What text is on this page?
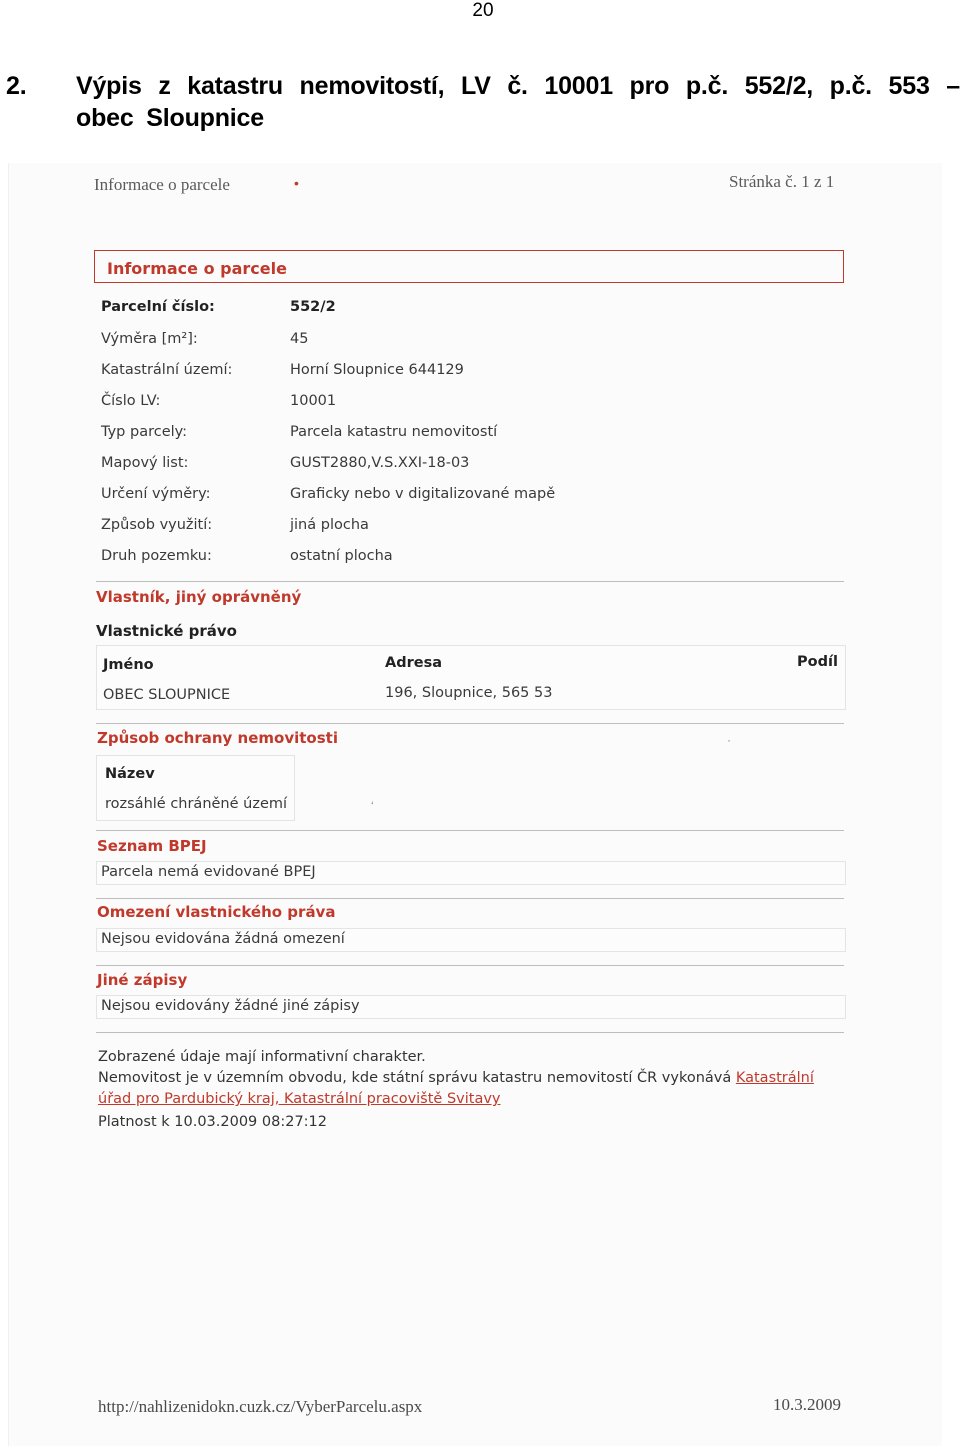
20
2. Výpis z katastru nemovitostí, LV č. 10001 pro p.č. 552/2, p.č. 553 – obec Sloupnice
Informace o parcele	•	Stránka č. 1 z 1
Informace o parcele
Parcelní číslo:	552/2
Výměra [m²]:	45
Katastrální území:	Horní Sloupnice 644129
Číslo LV:	10001
Typ parcely:	Parcela katastru nemovitostí
Mapový list:	GUST2880,V.S.XXI-18-03
Určení výměry:	Graficky nebo v digitalizované mapě
Způsob využití:	jiná plocha
Druh pozemku:	ostatní plocha
Vlastník, jiný oprávněný
Vlastnické právo
Jméno	Adresa	Podíl
OBEC SLOUPNICE	196, Sloupnice, 565 53
Způsob ochrany nemovitosti	·
Název
rozsáhlé chráněné území	‘
Seznam BPEJ
Parcela nemá evidované BPEJ
Omezení vlastnického práva
Nejsou evidována žádná omezení
Jiné zápisy
Nejsou evidovány žádné jiné zápisy
Zobrazené údaje mají informativní charakter.
Nemovitost je v územním obvodu, kde státní správu katastru nemovitostí ČR vykonává Katastrální
úřad pro Pardubický kraj, Katastrální pracoviště Svitavy
Platnost k 10.03.2009 08:27:12
http://nahlizenidokn.cuzk.cz/VyberParcelu.aspx	10.3.2009
